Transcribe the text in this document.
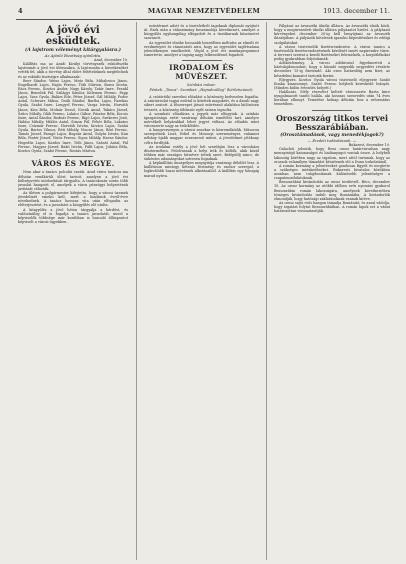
4	MAGYAR NEMZETVÉDELEM	1913. december 11.
A jövő évi esküdtek.
(A lajstrom véleményt kitárgyalásra.)
Az Ajánló Bizottság ajánlotta.
Arad, december 10.

Kiállítás ma az Aradi Királyi törvényszék esküdtszéki lajstromát a jövő évi ülésszakra. A lajstromba a következőket vették fel, akik a törvény által előírt feltételeknek megfelelnek és az esküdti tisztségre alkalmasak:

Beer Sándor, Weisz Lajos, Mráz Béla, Mihalovics János, Engelhardt Lajos, Hajós Ferenc, Tóth Márton, Boros István, Rácz Ferenc, Kovács Andor, Nagy Károly, Tatár Imre, Frankl János, Benedek Pál, Szilágyi Sándor, Kelemen Ferenc, Papp Lajos, Vass Gyula, Balázs Ede, Péter József, Gál Mihály, Fodor Antal, Schwarz Miksa, Deák Sándor, Bartha Lajos, Fazekas Gyula, Szabó Imre, Lengyel Ferenc, Varga István, Horváth János, Kiss Béla, Molnár Dezső, Novák Antal, Takács József, Szűcs Mihály, Oláh Ferenc, Lukács Gábor, Pásztor Béla, Kocsis Imre, Antal Sándor, Bodnár Ferenc, Rigó Lajos, Szekeres Jenő, Halász Mihály, Miklós Antal, Simon Pál, Fehér Béla, Lakatos Imre, Csizmár Ferenc, Horváth István, Kovács Lajos, Szalai Gyula, Bartos Vilmos, Réti Mihály, Vincze János, Bíró Ferenc, Tamás József, Faragó Lajos, Bognár Antal, Gulyás István, Kun Béla, Pintér József, Vörös Ferenc, Sipos Mihály, Havas Sándor, Hegedűs Lajos, Kardos Imre, Tóth János, Szántó Antal, Pál Ferenc, Magyar József, Bakó István, Pálfi Lajos, Juhász Béla, Kovács Gyula, Szabó Ferenc, Rostás Márton.

VÁROS ÉS MEGYE.

Nem akar a tanács polcolni vasúti. Arad város tanácsa ma délután rendkívüli ülést tartott, amelyen a jövő évi költségvetés módosítását tárgyalta. A tanácskozás során több javaslat hangzott el, amelyek a város pénzügyi helyzetének javítását célozták.

Az ülésen a polgármester kifejtette, hogy a városi üzemek jövedelmét emelni kell, mert a kiadások évről-évre növekednek. A tanács hosszas vita után elfogadta az előterjesztést, és a javaslatot a közgyűlés elé utalta.

A közgyűlés a jövő héten tárgyalja a kérdést, és valószínűleg el is fogadja a tanács javaslatát, mivel a képviselők többsége már korábban is hasonló álláspontot képviselt a városi ügyekben.

ezüstérmet adott és a tiszteletbeli tagoknak diplomát nyújtott át. Ezek után a választmány beszámolója következett, amelyet a közgyűlés egyhangúlag elfogadott és a tisztikarnak köszönetet szavazott.

Az egyesület elnöke hosszabb beszédben méltatta az elmúlt év eredményeit és rámutatott arra, hogy az egyesület taglétszáma jelentékenyen emelkedett. Végül a jövő évi munkaprogramot ismertette, amelyet a tagság nagy lelkesedéssel fogadott.

IRODALOM ÉS MŰVÉSZET.
Színházi műsor:
Péntek: „Tosca". Szombat: „Hajnalcsillag" (bérletszünet).

A csütörtöki szerelmi előadást a közönség kedvezően fogadta. A színtársulat tagjai ezúttal is kitettek magukért, és a darab nagy sikert aratott. A főszerepet játszó művésznő alakítása különösen tetszett, a közönség többször nyílt színen tapsolta.

A szombati előadásra a jegyek már elfogytak. A színház igazgatósága ezért vasárnap délután ismétlést tart, amelyre mérsékelt helyárakkal lehet jegyet váltani. Az előadás iránt városszerte nagy az érdeklődés.

A hangversenyen a városi zenekar is közreműködik. Műsoron szerepelnek Liszt, Erkel és Mosonyi szerzeményei, valamint néhány újabb magyar zeneszerző művei. A jövedelmet jótékony célra fordítják.

Az irodalmi estély a jövő hét szerdáján lesz a városháza dísztermében. Felolvasnak a helyi írók és költők, akik közül többen már országos hírnévre tettek szert. Belépődíj nincs, de önkéntes adományokat szívesen fogadnak.

A képkiállítás ünnepélyes megnyitója vasárnap délelőtt lesz. A kiállításon mintegy kétszáz festmény és szobor szerepel, a legkiválóbb hazai művészek alkotásaiból. A kiállítás egy hónapig marad nyitva.

Pályázat az árvaszéki ülnöki állásra. Az árvaszéki elnök közli, hogy a megüresedett ülnöki állásra pályázatot hirdet. A pályázati kérvényeket december 20-ig kell benyújtani az árvaszék iktatójában. A pályázók kötelesek igazolni képesítésüket és eddigi szolgálatukat.

A városi tisztviselők fizetésrendezése. A városi tanács a tisztviselők fizetésrendezésének kérdését ismét napirendre tűzte. A tervezet szerint a kezdő fizetéseket felemelnék, a korpótlékokat pedig gyakrabban folyósítanák.

Adóközlemény. A városi adóhivatal figyelmezteti a háztulajdonosokat, hogy a házadó negyedik negyedévi részlete december 15-ig fizetendő. Aki ezen határidőig nem fizet, az késedelmi kamatot tartozik fizetni.

Eljegyzés. Kovács Gyula városi tisztviselő eljegyezte Szabó Ilonka kisasszonyt, Szabó Ferenc helybeli kereskedő leányát. (Minden külön értesítés helyett.)

Halálozás. Mély részvétet keltett városszerte Barta Imre nyugalmazott tanító halála, aki hosszas szenvedés után 74 éves korában elhunyt. Temetése holnap délután lesz a református temetőben.

Oroszország titkos tervei Besszarábiában.
(Orosztámadások, vagy menedékjogok?)
— Eredeti tudósításunk. —
Bukarest, december 10.

Galachói jelentik, hogy Reni orosz határvárosban nagy mennyiségű katonaságot és hadianyagot vontak össze. A helybeli lakosság körében nagy az izgalom, mert attól tartanak, hogy az oroszok valamilyen támadást készítenek elő a Duna torkolatánál.

A román kormány a jelentéseket gondosan figyeli és megtette a szükséges intézkedéseket. Bukaresti hivatalos körökben azonban nem tulajdonítanak különösebb jelentőséget a csapatmozdulatoknak.

Besszarábiai kivándorlás az orosz területről. Bécs, december 10. Az orosz kormány az utóbbi időben erős nyomást gyakorol Besszarábia román lakosságára, amelynek következtében tömeges kivándorlás indult meg Romániába. A kivándorlók elmondják, hogy hatósági zaklatásoknak vannak kitéve.

Az orosz sajtó erős hangon támadja Romániát, és azzal vádolja, hogy izgatást folytat Besszarábiában. A román lapok ezt a vádat határozottan visszautasítják.
